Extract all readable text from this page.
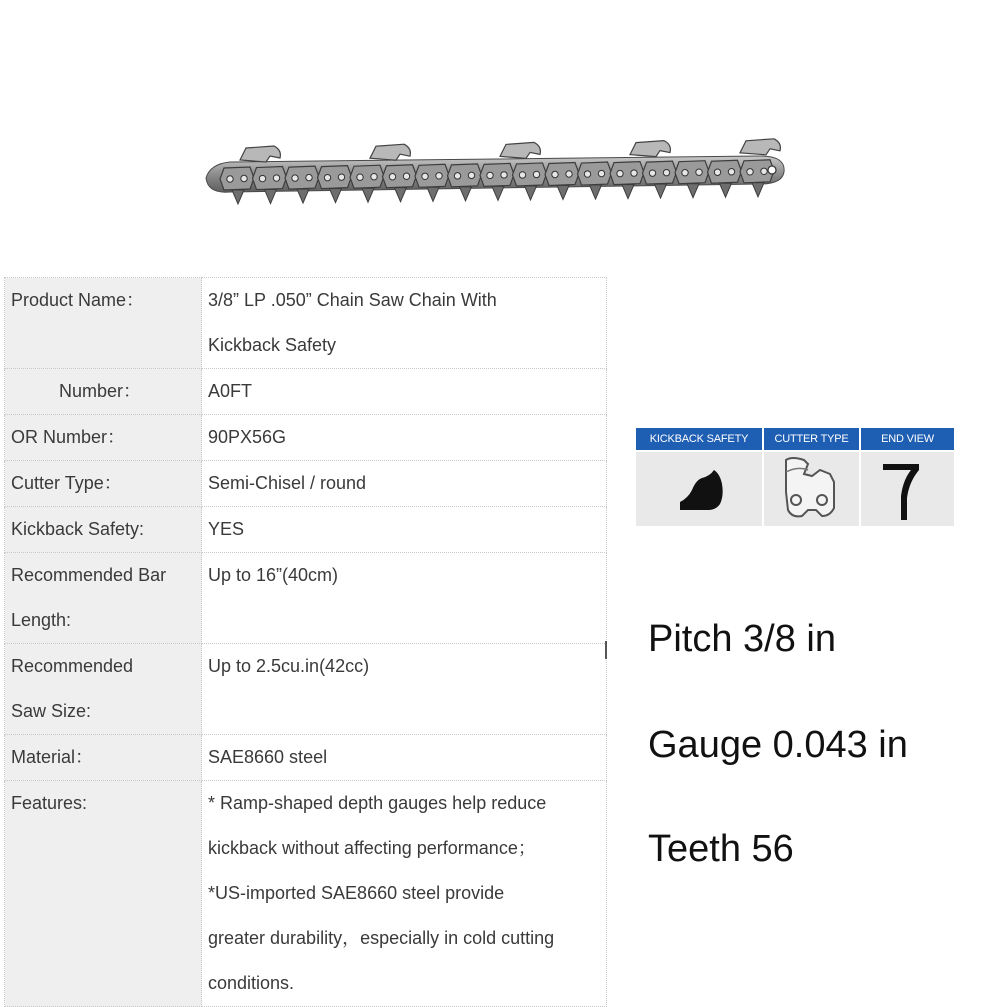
Product Name：	3/8” LP .050” Chain Saw Chain With
Kickback Safety

Number：	A0FT
OR Number：	90PX56G
Cutter Type：	Semi-Chisel / round
Kickback Safety:	YES

Recommended Bar
Length:	Up to 16”(40cm)

Recommended
Saw Size:	Up to 2.5cu.in(42cc)
Material：	SAE8660 steel
Features:	* Ramp-shaped depth gauges help reduce
kickback without affecting performance；
*US-imported SAE8660 steel provide
greater durability，especially in cold cutting
conditions.
KICKBACK SAFETY	CUTTER TYPE	END VIEW
Pitch 3/8 in
Gauge 0.043 in
Teeth 56
